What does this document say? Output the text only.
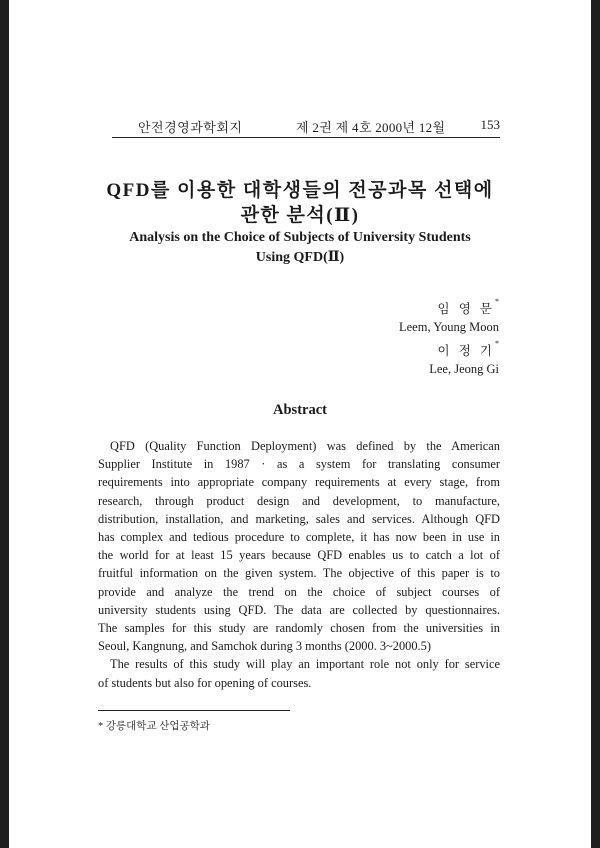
안전경영과학회지	제 2권 제 4호 2000년 12월	153
QFD를 이용한 대학생들의 전공과목 선택에
관한 분석(Ⅱ)
Analysis on the Choice of Subjects of University Students
Using QFD(Ⅱ)
임 영 문*
Leem, Young Moon
이 정 기*
Lee, Jeong Gi
Abstract

QFD (Quality Function Deployment) was defined by the American

Supplier Institute in 1987 · as a system for translating consumer

requirements into appropriate company requirements at every stage, from

research, through product design and development, to manufacture,

distribution, installation, and marketing, sales and services. Although QFD

has complex and tedious procedure to complete, it has now been in use in

the world for at least 15 years because QFD enables us to catch a lot of

fruitful information on the given system. The objective of this paper is to

provide and analyze the trend on the choice of subject courses of

university students using QFD. The data are collected by questionnaires.

The samples for this study are randomly chosen from the universities in

Seoul, Kangnung, and Samchok during 3 months (2000. 3~2000.5)

The results of this study will play an important role not only for service

of students but also for opening of courses.

* 강릉대학교 산업공학과
